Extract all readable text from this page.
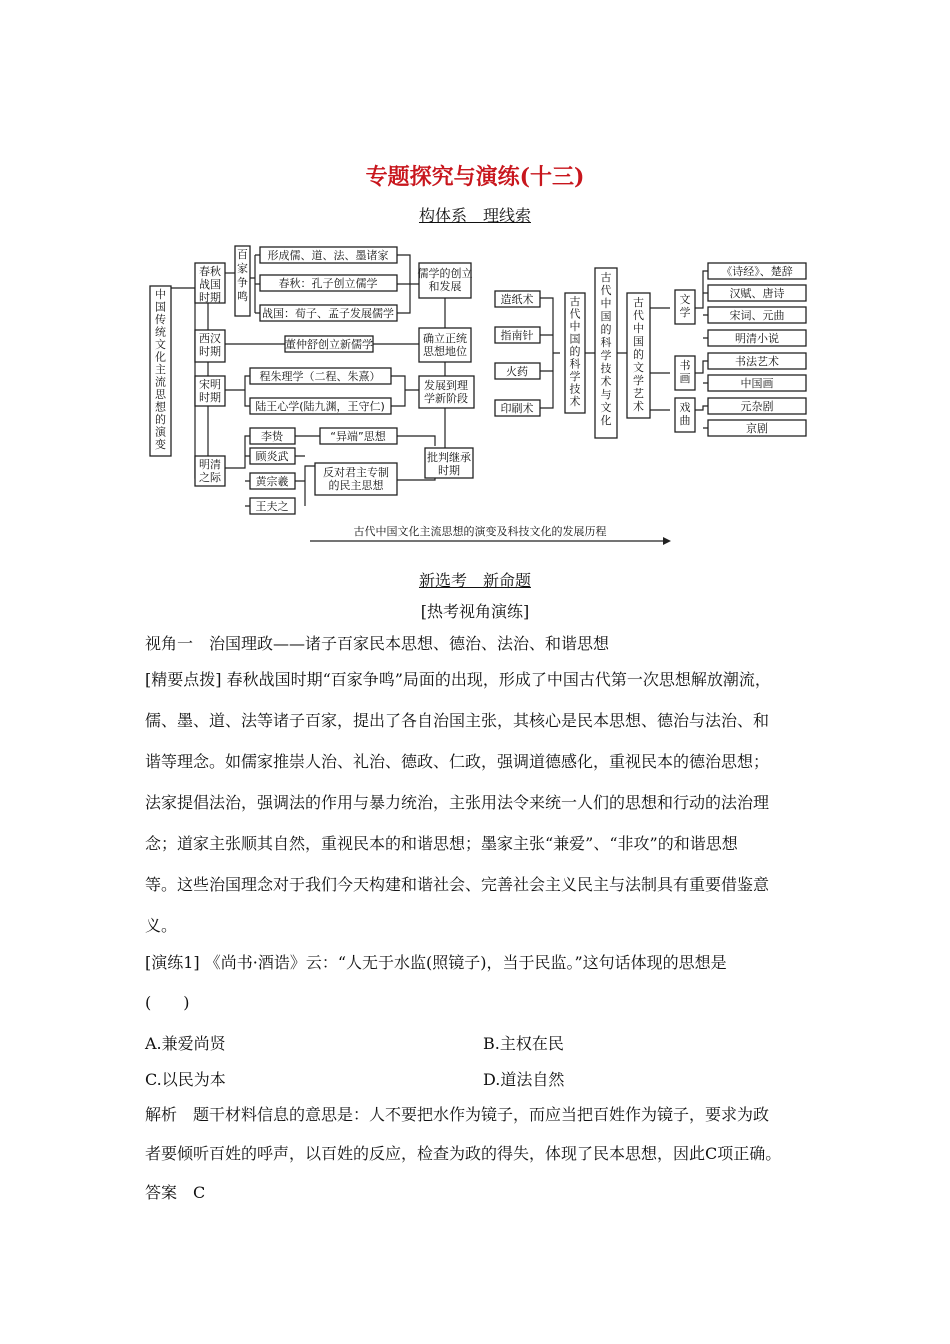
专题探究与演练(十三)
构体系　理线索
中国传统文化主流思想的演变
春秋战国时期
西汉时期
宋明时期
明清之际
百家争鸣
形成儒、道、法、墨诸家
春秋：孔子创立儒学
战国：荀子、孟子发展儒学
儒学的创立和发展
董仲舒创立新儒学	确立正统思想地位
程朱理学（二程、朱熹）
陆王心学(陆九渊，王守仁)
发展到理学新阶段
李贽
顾炎武
黄宗羲
王夫之
“异端”思想
反对君主专制的民主思想
批判继承时期
造纸术
指南针
火药
印刷术
古代中国的科学技术
古代中国的科学技术与文化
古代中国的文学艺术
文学
书画
戏曲
《诗经》、楚辞
汉赋、唐诗
宋词、元曲
明清小说
书法艺术
中国画
元杂剧
京剧
古代中国文化主流思想的演变及科技文化的发展历程
新选考　新命题
[热考视角演练]
视角一　治国理政——诸子百家民本思想、德治、法治、和谐思想
[精要点拨] 春秋战国时期“百家争鸣”局面的出现，形成了中国古代第一次思想解放潮流，
儒、墨、道、法等诸子百家，提出了各自治国主张，其核心是民本思想、德治与法治、和
谐等理念。如儒家推崇人治、礼治、德政、仁政，强调道德感化，重视民本的德治思想；
法家提倡法治，强调法的作用与暴力统治，主张用法令来统一人们的思想和行动的法治理
念；道家主张顺其自然，重视民本的和谐思想；墨家主张“兼爱”、“非攻”的和谐思想
等。这些治国理念对于我们今天构建和谐社会、完善社会主义民主与法制具有重要借鉴意
义。
[演练1] 《尚书·酒诰》云：“人无于水监(照镜子)，当于民监。”这句话体现的思想是
(　　)
A.兼爱尚贤	B.主权在民
C.以民为本	D.道法自然
解析　题干材料信息的意思是：人不要把水作为镜子，而应当把百姓作为镜子，要求为政
者要倾听百姓的呼声，以百姓的反应，检查为政的得失，体现了民本思想，因此C项正确。
答案　C
